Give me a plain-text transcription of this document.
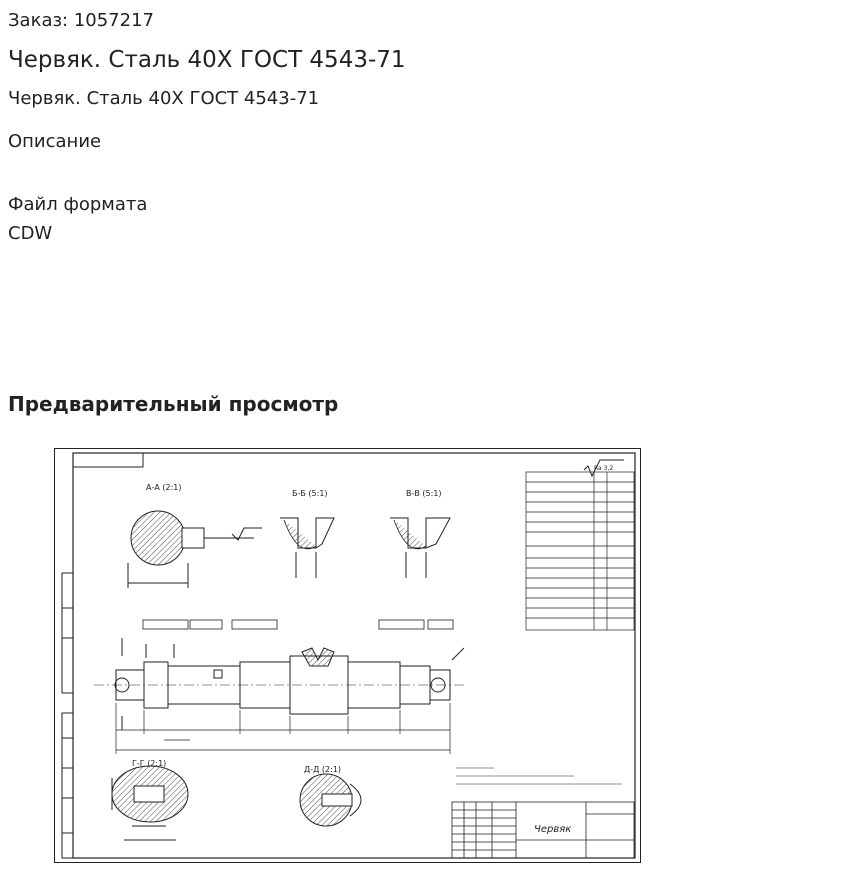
Заказ: 1057217
Червяк. Сталь 40Х ГОСТ 4543-71
Червяк. Сталь 40Х ГОСТ 4543-71
Описание
Файл формата
CDW
Предварительный просмотр
А-А (2:1)
Б-Б (5:1)	В-В (5:1)
Г-Г (2:1)
Д-Д (2:1)
Червяк
Ra 3,2
